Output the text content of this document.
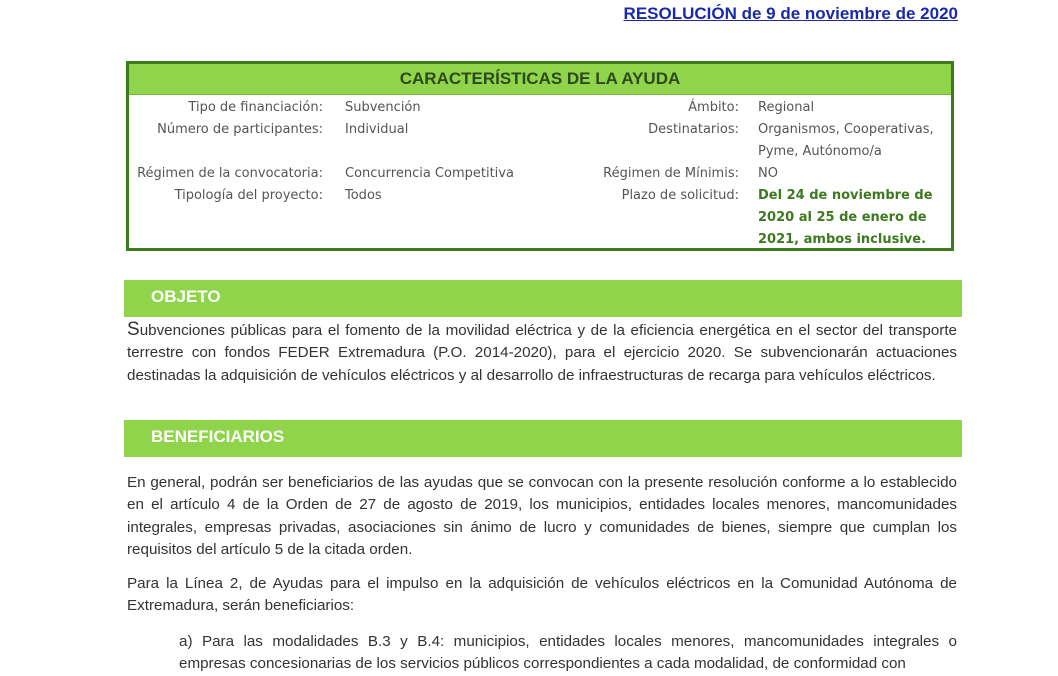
RESOLUCIÓN de 9 de noviembre de 2020
CARACTERÍSTICAS DE LA AYUDA
Tipo de financiación: Subvención	Ámbito: Regional
Número de participantes: Individual	Destinatarios: Organismos, Cooperativas,
Pyme, Autónomo/a
Régimen de la convocatoria: Concurrencia Competitiva	Régimen de Mínimis: NO
Tipología del proyecto: Todos	Plazo de solicitud: Del 24 de noviembre de
2020 al 25 de enero de
2021, ambos inclusive.
OBJETO
Subvenciones públicas para el fomento de la movilidad eléctrica y de la eficiencia energética en el sector del transporte terrestre con fondos FEDER Extremadura (P.O. 2014-2020), para el ejercicio 2020. Se subvencionarán actuaciones destinadas la adquisición de vehículos eléctricos y al desarrollo de infraestructuras de recarga para vehículos eléctricos.
BENEFICIARIOS
En general, podrán ser beneficiarios de las ayudas que se convocan con la presente resolución conforme a lo establecido en el artículo 4 de la Orden de 27 de agosto de 2019, los municipios, entidades locales menores, mancomunidades integrales, empresas privadas, asociaciones sin ánimo de lucro y comunidades de bienes, siempre que cumplan los requisitos del artículo 5 de la citada orden.
Para la Línea 2, de Ayudas para el impulso en la adquisición de vehículos eléctricos en la Comunidad Autónoma de Extremadura, serán beneficiarios:
a) Para las modalidades B.3 y B.4: municipios, entidades locales menores, mancomunidades integrales o empresas concesionarias de los servicios públicos correspondientes a cada modalidad, de conformidad con
